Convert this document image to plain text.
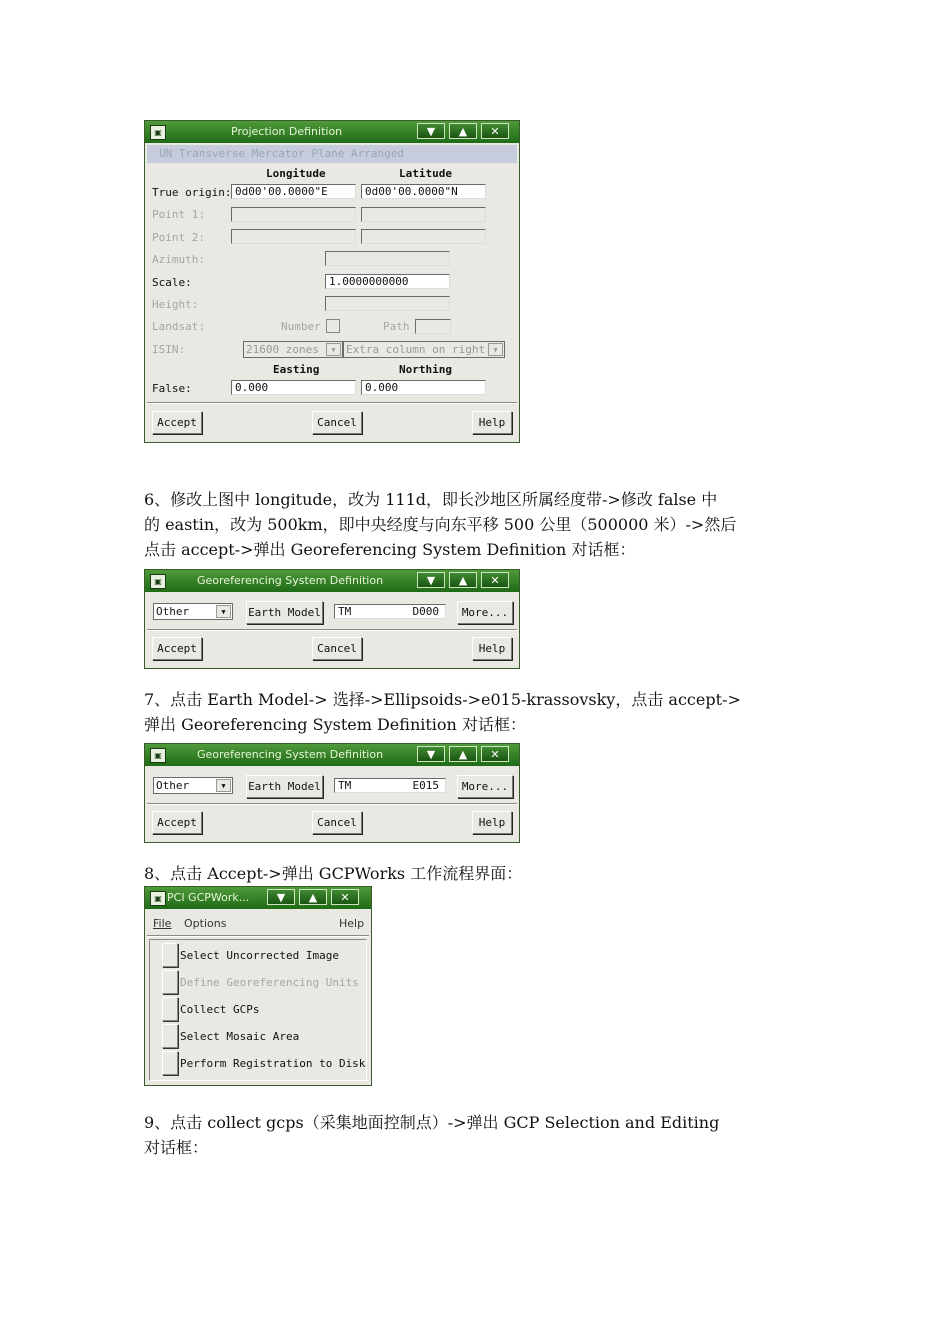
▣	Projection Definition	▼	▲	✕
UN Transverse Mercator Plane Arranged
Longitude	Latitude
True origin: 0d00'00.0000"E	0d00'00.0000"N
Point 1:
Point 2:
Azimuth:
Scale:	1.0000000000
Height:
Landsat:	Number	Path
ISIN:	21600 zones	▼ Extra column on right	▼
Easting	Northing
False:	0.000	0.000
Accept	Cancel	Help

6、修改上图中 longitude，改为 111d，即长沙地区所属经度带->修改 false 中

的 eastin，改为 500km，即中央经度与向东平移 500 公里（500000 米）->然后

点击 accept->弹出 Georeferencing System Definition 对话框：

▣	Georeferencing System Definition	▼	▲	✕
Other	▼	Earth Model	TM	D000	More...
Accept	Cancel	Help

7、点击 Earth Model-> 选择->Ellipsoids->e015-krassovsky，点击 accept->

弹出 Georeferencing System Definition 对话框：

▣	Georeferencing System Definition	▼	▲	✕
Other	▼	Earth Model	TM	E015	More...
Accept	Cancel	Help

8、点击 Accept->弹出 GCPWorks 工作流程界面：

▣ PCI GCPWork...	▼	▲	✕
File Options	Help
Select Uncorrected Image
Define Georeferencing Units
Collect GCPs
Select Mosaic Area
Perform Registration to Disk

9、点击 collect gcps（采集地面控制点）->弹出 GCP Selection and Editing

对话框：
